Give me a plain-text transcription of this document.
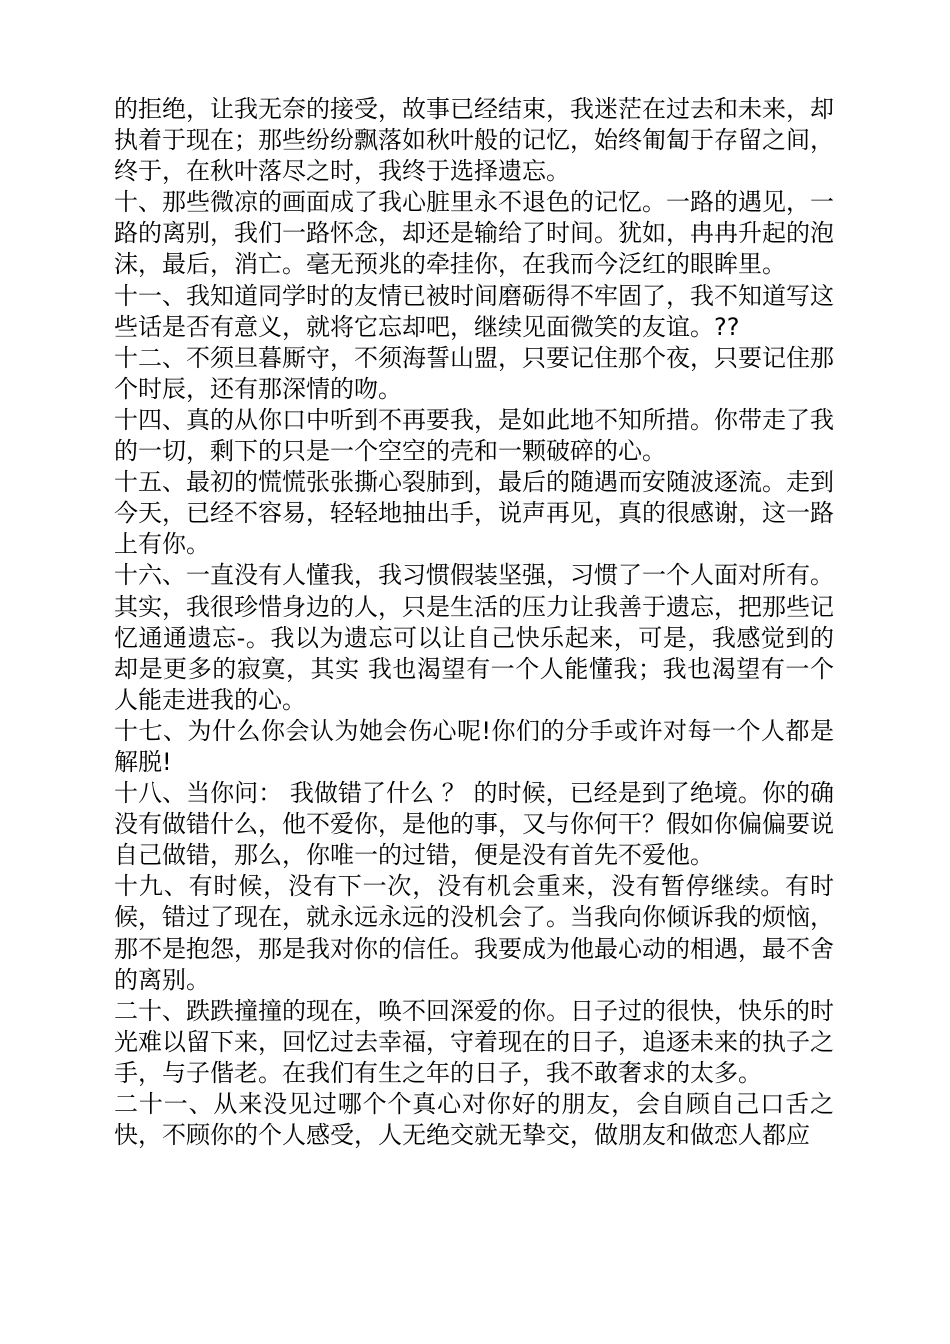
的拒绝，让我无奈的接受，故事已经结束，我迷茫在过去和未来，却执着于现在；那些纷纷飘落如秋叶般的记忆，始终匍匐于存留之间，终于，在秋叶落尽之时，我终于选择遗忘。

十、那些微凉的画面成了我心脏里永不退色的记忆。一路的遇见，一路的离别，我们一路怀念，却还是输给了时间。犹如，冉冉升起的泡沫，最后，消亡。毫无预兆的牵挂你，在我而今泛红的眼眸里。

十一、我知道同学时的友情已被时间磨砺得不牢固了，我不知道写这些话是否有意义，就将它忘却吧，继续见面微笑的友谊。??

十二、不须旦暮厮守，不须海誓山盟，只要记住那个夜，只要记住那个时辰，还有那深情的吻。

十四、真的从你口中听到不再要我，是如此地不知所措。你带走了我的一切，剩下的只是一个空空的壳和一颗破碎的心。

十五、最初的慌慌张张撕心裂肺到，最后的随遇而安随波逐流。走到今天，已经不容易，轻轻地抽出手，说声再见，真的很感谢，这一路上有你。

十六、一直没有人懂我，我习惯假装坚强，习惯了一个人面对所有。其实，我很珍惜身边的人，只是生活的压力让我善于遗忘，把那些记忆通通遗忘-。我以为遗忘可以让自己快乐起来，可是，我感觉到的却是更多的寂寞，其实 我也渴望有一个人能懂我；我也渴望有一个人能走进我的心。

十七、为什么你会认为她会伤心呢!你们的分手或许对每一个人都是解脱!

十八、当你问： 我做错了什么 ？ 的时候，已经是到了绝境。你的确没有做错什么，他不爱你，是他的事，又与你何干？假如你偏偏要说自己做错，那么，你唯一的过错，便是没有首先不爱他。

十九、有时候，没有下一次，没有机会重来，没有暂停继续。有时候，错过了现在，就永远永远的没机会了。当我向你倾诉我的烦恼，那不是抱怨，那是我对你的信任。我要成为他最心动的相遇，最不舍的离别。

二十、跌跌撞撞的现在，唤不回深爱的你。日子过的很快，快乐的时光难以留下来，回忆过去幸福，守着现在的日子，追逐未来的执子之手，与子偕老。在我们有生之年的日子，我不敢奢求的太多。

二十一、从来没见过哪个个真心对你好的朋友，会自顾自己口舌之快，不顾你的个人感受，人无绝交就无挚交，做朋友和做恋人都应
